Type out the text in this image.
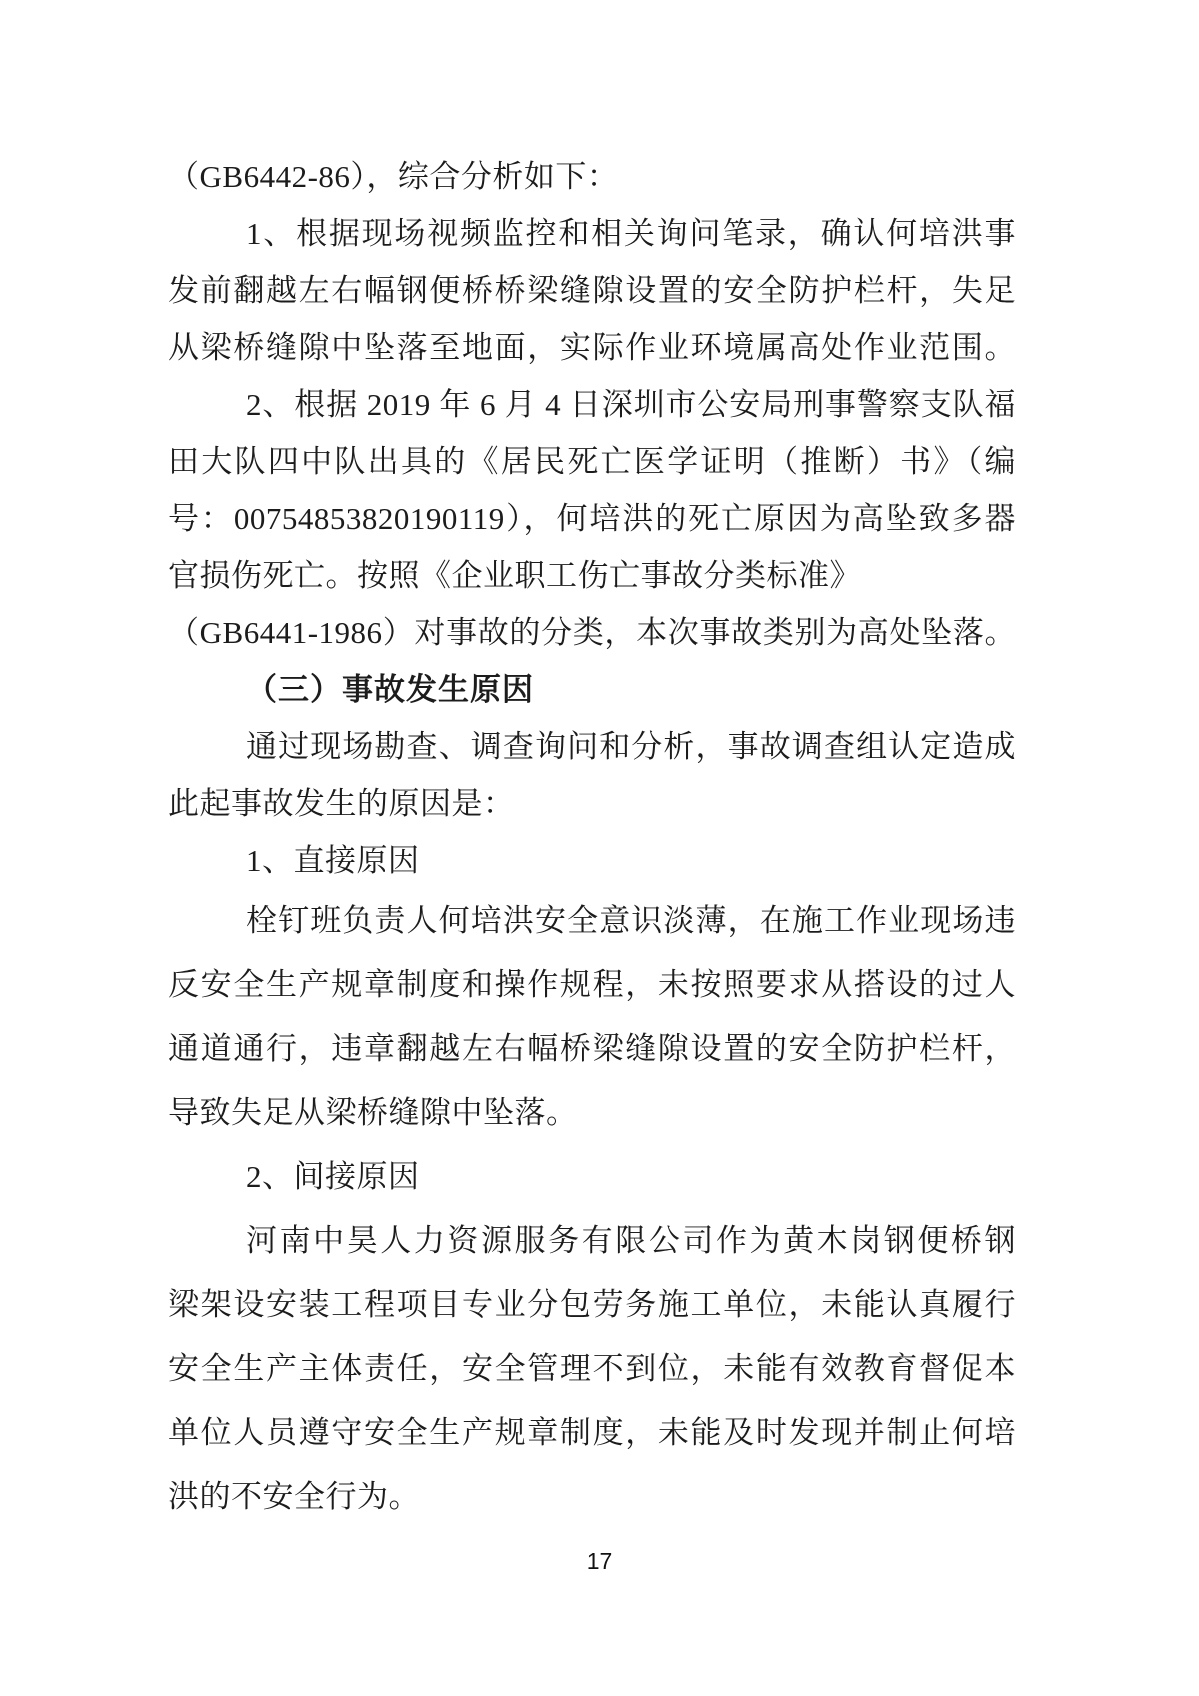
（GB6442-86），综合分析如下：
1、根据现场视频监控和相关询问笔录，确认何培洪事
发前翻越左右幅钢便桥桥梁缝隙设置的安全防护栏杆，失足
从梁桥缝隙中坠落至地面，实际作业环境属高处作业范围。
2、根据 2019 年 6 月 4 日深圳市公安局刑事警察支队福
田大队四中队出具的《居民死亡医学证明（推断）书》（编
号：00754853820190119），何培洪的死亡原因为高坠致多器
官损伤死亡。按照《企业职工伤亡事故分类标准》
（GB6441-1986）对事故的分类，本次事故类别为高处坠落。
（三）事故发生原因
通过现场勘查、调查询问和分析，事故调查组认定造成
此起事故发生的原因是：
1、直接原因
栓钉班负责人何培洪安全意识淡薄，在施工作业现场违
反安全生产规章制度和操作规程，未按照要求从搭设的过人
通道通行，违章翻越左右幅桥梁缝隙设置的安全防护栏杆，
导致失足从梁桥缝隙中坠落。
2、间接原因
河南中昊人力资源服务有限公司作为黄木岗钢便桥钢
梁架设安装工程项目专业分包劳务施工单位，未能认真履行
安全生产主体责任，安全管理不到位，未能有效教育督促本
单位人员遵守安全生产规章制度，未能及时发现并制止何培
洪的不安全行为。
17
